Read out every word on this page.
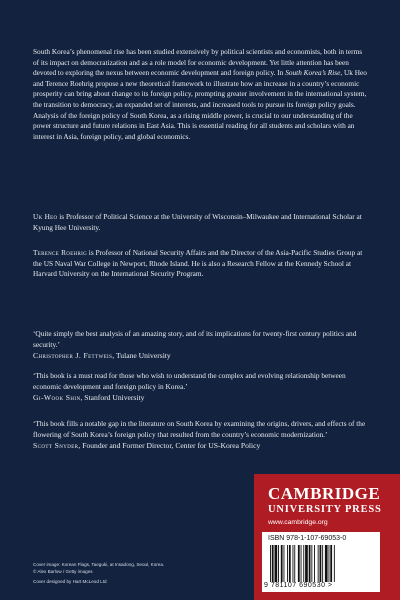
South Korea’s phenomenal rise has been studied extensively by political scientists and economists, both in terms of its impact on democratization and as a role model for economic development. Yet little attention has been devoted to exploring the nexus between economic development and foreign policy. In South Korea’s Rise, Uk Heo and Terence Roehrig propose a new theoretical framework to illustrate how an increase in a country’s economic prosperity can bring about change to its foreign policy, prompting greater involvement in the international system, the transition to democracy, an expanded set of interests, and increased tools to pursue its foreign policy goals. Analysis of the foreign policy of South Korea, as a rising middle power, is crucial to our understanding of the power structure and future relations in East Asia. This is essential reading for all students and scholars with an interest in Asia, foreign policy, and global economics.
Uk Heo is Professor of Political Science at the University of Wisconsin–Milwaukee and International Scholar at Kyung Hee University.
Terence Roehrig is Professor of National Security Affairs and the Director of the Asia-Pacific Studies Group at the US Naval War College in Newport, Rhode Island. He is also a Research Fellow at the Kennedy School at Harvard University on the International Security Program.
‘Quite simply the best analysis of an amazing story, and of its implications for twenty-first century politics and security.’
Christopher J. Fettweis, Tulane University
‘This book is a must read for those who wish to understand the complex and evolving relationship between economic development and foreign policy in Korea.’
Gi-Wook Shin, Stanford University
‘This book fills a notable gap in the literature on South Korea by examining the origins, drivers, and effects of the flowering of South Korea’s foreign policy that resulted from the country’s economic modernization.’
Scott Snyder, Founder and Former Director, Center for US-Korea Policy
CAMBRIDGE
UNIVERSITY PRESS
www.cambridge.org
ISBN 978-1-107-69053-0
9 781107 690530 >
Cover image: Korean Flags, Taeguki, at Insadong, Seoul, Korea.
© Alex Barlow / Getty images
Cover designed by Hart McLeod Ltd
